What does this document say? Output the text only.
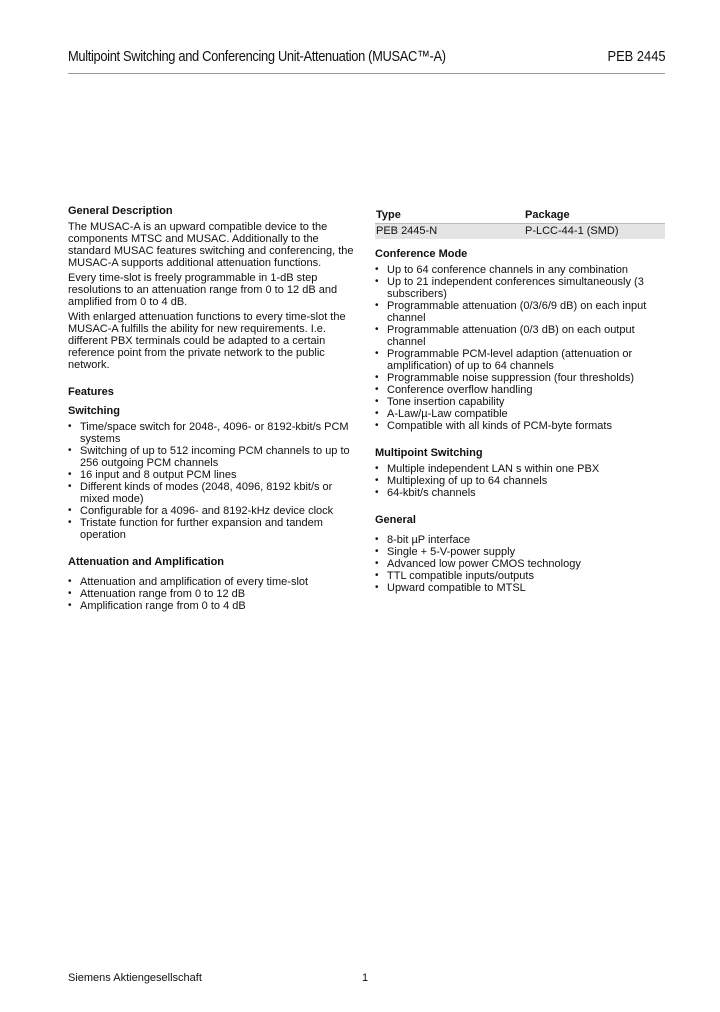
Multipoint Switching and Conferencing Unit-Attenuation (MUSAC™-A)	PEB 2445
General Description

The MUSAC-A is an upward compatible device to the components MTSC and MUSAC. Additionally to the standard MUSAC features switching and conferencing, the MUSAC-A supports additional attenuation functions.

Every time-slot is freely programmable in 1-dB step resolutions to an attenuation range from 0 to 12 dB and amplified from 0 to 4 dB.

With enlarged attenuation functions to every time-slot the MUSAC-A fulfills the ability for new requirements. I.e. different PBX terminals could be adapted to a certain reference point from the private network to the public network.

Features
Switching
• Time/space switch for 2048-, 4096- or 8192-kbit/s PCM systems
• Switching of up to 512 incoming PCM channels to up to 256 outgoing PCM channels
• 16 input and 8 output PCM lines
• Different kinds of modes (2048, 4096, 8192 kbit/s or mixed mode)
• Configurable for a 4096- and 8192-kHz device clock
• Tristate function for further expansion and tandem operation
Attenuation and Amplification
• Attenuation and amplification of every time-slot
• Attenuation range from 0 to 12 dB
• Amplification range from 0 to 4 dB
Type	Package
PEB 2445-N	P-LCC-44-1 (SMD)
Conference Mode
• Up to 64 conference channels in any combination
• Up to 21 independent conferences simultaneously (3 subscribers)
• Programmable attenuation (0/3/6/9 dB) on each input channel
• Programmable attenuation (0/3 dB) on each output channel
• Programmable PCM-level adaption (attenuation or amplification) of up to 64 channels
• Programmable noise suppression (four thresholds)
• Conference overflow handling
• Tone insertion capability
• A-Law/µ-Law compatible
• Compatible with all kinds of PCM-byte formats
Multipoint Switching
• Multiple independent LAN s within one PBX
• Multiplexing of up to 64 channels
• 64-kbit/s channels
General
• 8-bit µP interface
• Single + 5-V-power supply
• Advanced low power CMOS technology
• TTL compatible inputs/outputs
• Upward compatible to MTSL
Siemens Aktiengesellschaft	1
